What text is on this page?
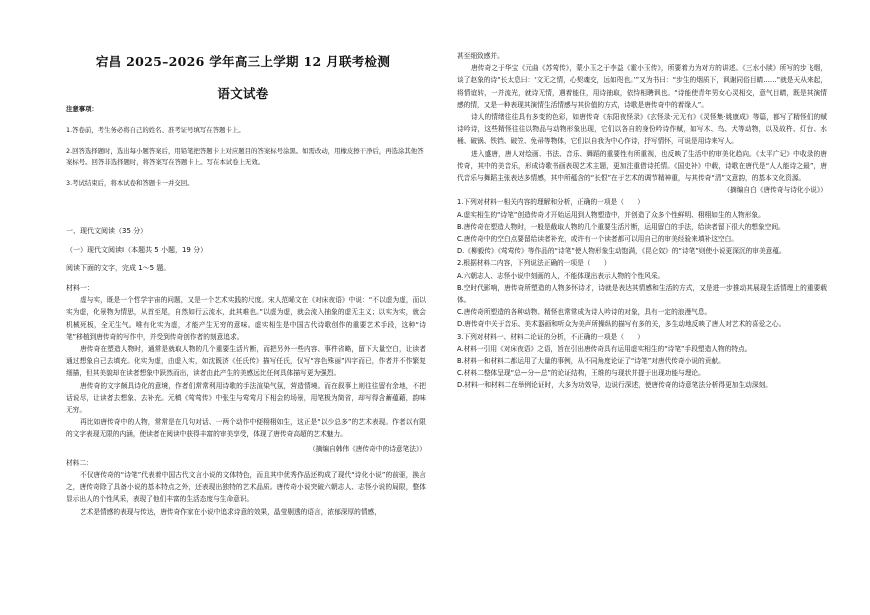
宕昌 2025–2026 学年高三上学期 12 月联考检测
语文试卷

注意事项：

1.答卷前，考生务必将自己的姓名、准考证号填写在答题卡上。

2.回答选择题时，选出每小题答案后，用铅笔把答题卡上对应题目的答案标号涂黑。如需改动，用橡皮擦干净后，再选涂其他答案标号。回答非选择题时，将答案写在答题卡上。写在本试卷上无效。

3.考试结束后，将本试卷和答题卡一并交回。

一、现代文阅读（35 分）

（一）现代文阅读Ⅰ（本题共 5 小题，19 分）

阅读下面的文字，完成 1～5 题。

材料一：

虚与实，既是一个哲学宇宙的问题，又是一个艺术实践的尺度。宋人范晞文在《对床夜语》中说：“不以虚为虚，而以实为虚，化景物为情思，从首至尾，自然如行云流水，此其难也。”以虚为虚，就会流入抽象的虚无主义；以实为实，就会机械死板，全无生气。唯有化实为虚，才能产生无穷的意味。虚实相生是中国古代诗歌创作的重要艺术手段，这种“诗笔”移植到唐传奇的写作中，并受到传奇创作者的刻意追求。

唐传奇在塑造人物时，通常是就取人物的几个重要生活片断，而把另外一些内容、事件省略，留下大量空白，让读者通过想象自己去填充。化实为虚，由虚入实，如沈既济《任氏传》描写任氏，仅写“容色殊丽”四字而已，作者并不作繁复细描，但其美貌却在读者想象中跃然而出，读者由此产生的美感远比任何具体描写更为强烈。

唐传奇的文字颇具诗化的意境，作者们常常利用诗歌的手法渲染气氛，营造情境。而在叙事上则往往留有余地，不把话说尽，让读者去想象、去补充。元稹《莺莺传》中张生与莺莺月下相会的场景，用笔极为简省，却写得含蓄蕴藉，韵味无穷。

再比如唐传奇中的人物，常常是在几句对话、一两个动作中便栩栩如生，这正是“以少总多”的艺术表现。作者以有限的文字表现无限的内涵，使读者在阅读中获得丰富的审美享受，体现了唐传奇高超的艺术魅力。

（摘编自韩伟《唐传奇中的诗意笔法》）

材料二：

不仅唐传奇的“诗笔”代表着中国古代文言小说的文体特色，而且其中优秀作品还构成了现代“诗化小说”的前驱，换言之，唐传奇除了具备小说的基本特点之外，还表现出独特的艺术品质。唐传奇小说突破六朝志人、志怪小说的局限，整体显示出人的个性风采，表现了他们丰富的生活态度与生命意识。

艺术是情感的表现与传达，唐传奇作家在小说中追求诗意的效果，晶莹剔透的语言，浓郁深厚的情感，

甚至细致感并。

唐传奇之于华宝《元曲《苏莺传》，蒙小玉之于李益《霍小玉传》，所要着力为对方的讲述。《三水小牍》所写的步飞烟，谈了赵象的诗“长太息曰：‘文无之情，心契魂交，远如咫也。’”又为书曰：“步生的烟质下，讽谢同俗目睛……”就是天从来起，将情谊转，一并流光，就诗无情，遇着能住，用诗抽取，依恃相聘讽也。“诗能使青年男女心灵相交，意气目睛，既是其演情感的情，又是一种表现其演情生活情感与其价值的方式，诗歌是唐传奇中的着缘人”。

诗人的情绪往往具有多变的色彩，如唐传奇《东阳夜怪录》《玄怪录·元无有》《灵怪集·姚康成》等篇，都写了精怪们的赋诗吟诗，这些精怪往往以物品与动物形象出现，它们以各自的身份吟诗作赋，如写木、鸟、犬等动物，以及故杵、灯台、水桶、破锅、铁铛、破笠、免帚等物体，它们以自我为中心作诗，抒写情怀，可说是用诗来写人。

进入盛唐，唐人对绘画、书法、音乐、舞蹈的重要性有所重视，也反映了生活中的审美化趋向。《太平广记》中收录的唐传奇，其中的美音乐，形成诗歌书画表现艺术主题，更加注重借诗托情。《国史补》中载，诗歌在唐代是“人人能诗之最”，唐代音乐与舞蹈主张表达多情感，其中所蕴含的“长恨”在于艺术的调节精神重，与其传奇“清”文意韵，的基本文化资源。

（摘编自白《唐传奇与诗化小说》）

1.下列对材料一相关内容的理解和分析，正确的一项是（　　）

A.虚实相生的“诗笔”创造传奇才开始运用到人物塑造中，并创造了众多个性鲜明、栩栩如生的人物形象。

B.唐传奇在塑造人物时，一般是截取人物的几个重要生活片断，运用留白的手法，给读者留下很大的想象空间。

C.唐传奇中的空白点要留给读者补充，或许有一个读者都可以用自己的审美经验来填补这空白。

D.《柳毅传》《莺莺传》等作品的“诗笔”使人物形象生动饱满，《昆仑奴》的“诗笔”则使小说更深沉的审美意蕴。

2.根据材料二内容，下列说法正确的一项是（　　）

A.六朝志人、志怪小说中刻画的人，不能体现出表示人物的个性风采。

B.空时代影响，唐传奇所塑造的人物多怀诗才，诗就是表达其情感和生活的方式，又是进一步推动其展现生活情理上的重要载体。

C.唐传奇所塑造的各种动物、精怪也常常成为诗人吟诗的对象，具有一定的浪漫气息。

D.唐传奇中关于音乐、美术器画和听众为美声所操纵的描写有多的关，多生动地反映了唐人对艺术的喜爱之心。

3.下列对材料一、材料二论证的分析，不正确的一项是（　　）

A.材料一引用《对床夜语》之语，旨在引出唐传奇具有运用虚实相生的“诗笔”手段塑造人物的特点。

B.材料一和材料二都运用了大量的事例，从不同角度论证了“诗笔”对唐代传奇小说的贡献。

C.材料二整体呈现“总—分—总”的论证结构，王维的与现状并提于出现功能与理论。

D.材料一和材料二在举例论证时，大多为功效导，边说行深述，使唐传奇的诗意笔法分析得更加生动深刻。
